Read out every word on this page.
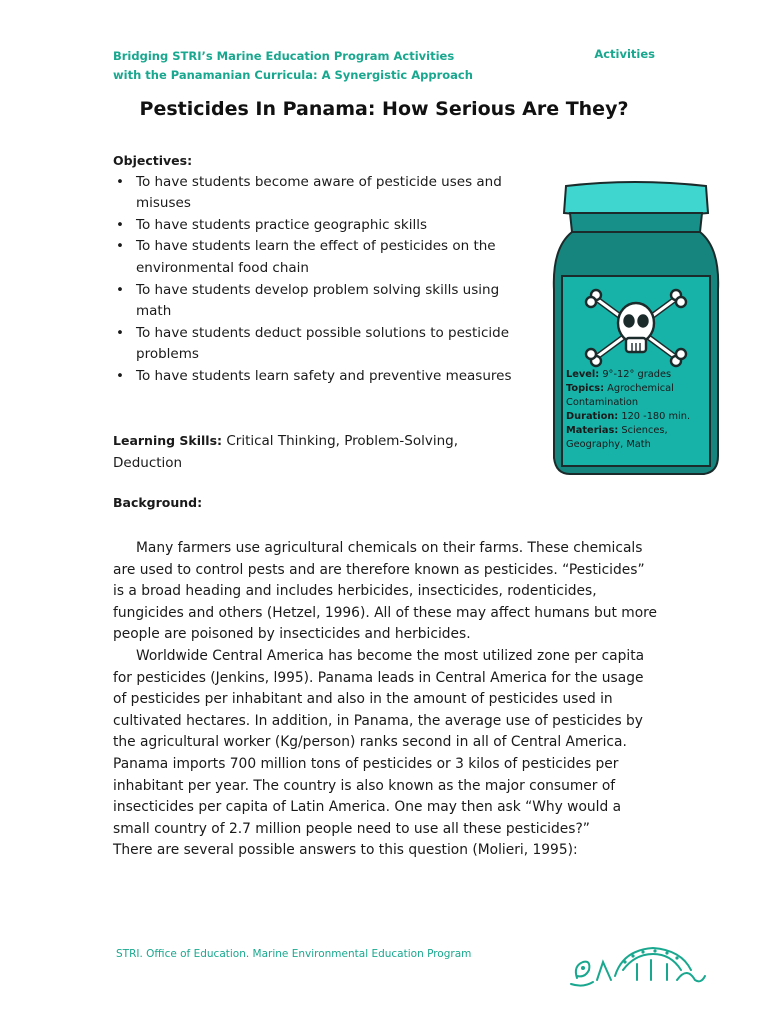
Bridging STRI’s Marine Education Program Activities
with the Panamanian Curricula: A Synergistic Approach
Activities
Pesticides In Panama: How Serious Are They?
Objectives:
• To have students become aware of pesticide uses and misuses
• To have students practice geographic skills
• To have students learn the effect of pesticides on the environmental food chain
• To have students develop problem solving skills using math
• To have students deduct possible solutions to pesticide problems
• To have students learn safety and preventive measures
Learning Skills: Critical Thinking, Problem-Solving, Deduction
Level: 9°-12° grades
Topics: Agrochemical Contamination
Duration: 120 -180 min.
Materias: Sciences, Geography, Math
Background:

Many farmers use agricultural chemicals on their farms. These chemicals are used to control pests and are therefore known as pesticides. “Pesticides” is a broad heading and includes herbicides, insecticides, rodenticides, fungicides and others (Hetzel, 1996). All of these may affect humans but more people are poisoned by insecticides and herbicides.

Worldwide Central America has become the most utilized zone per capita for pesticides (Jenkins, l995). Panama leads in Central America for the usage of pesticides per inhabitant and also in the amount of pesticides used in cultivated hectares. In addition, in Panama, the average use of pesticides by the agricultural worker (Kg/person) ranks second in all of Central America. Panama imports 700 million tons of pesticides or 3 kilos of pesticides per inhabitant per year. The country is also known as the major consumer of insecticides per capita of Latin America. One may then ask “Why would a small country of 2.7 million people need to use all these pesticides?”

There are several possible answers to this question (Molieri, 1995):

STRI. Office of Education. Marine Environmental Education Program
